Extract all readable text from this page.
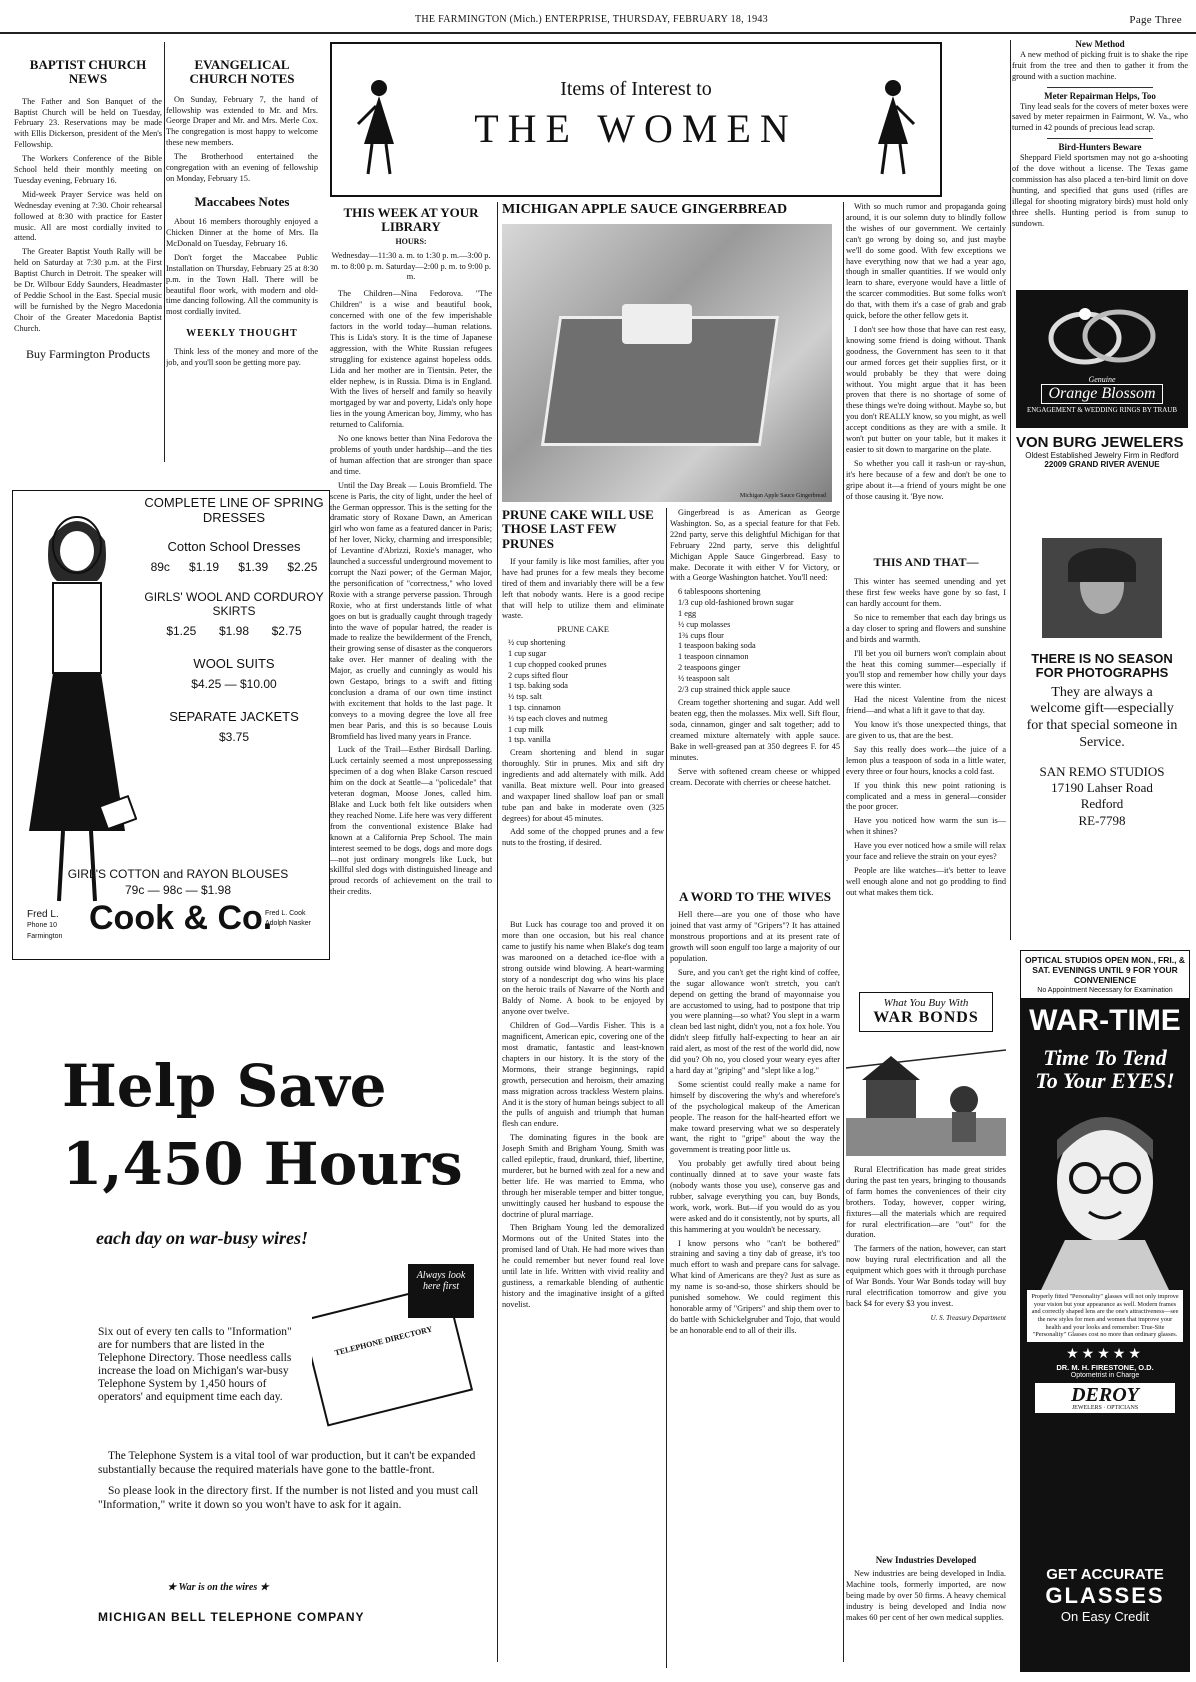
THE FARMINGTON (Mich.) ENTERPRISE, THURSDAY, FEBRUARY 18, 1943	Page Three
BAPTIST CHURCH NEWS

The Father and Son Banquet of the Baptist Church will be held on Tuesday, February 23. Reservations may be made with Ellis Dickerson, president of the Men's Fellowship.

The Workers Conference of the Bible School held their monthly meeting on Tuesday evening, February 16.

Mid-week Prayer Service was held on Wednesday evening at 7:30. Choir rehearsal followed at 8:30 with practice for Easter music. All are most cordially invited to attend.

The Greater Baptist Youth Rally will be held on Saturday at 7:30 p.m. at the First Baptist Church in Detroit. The speaker will be Dr. Wilbour Eddy Saunders, Headmaster of Peddie School in the East. Special music will be furnished by the Negro Macedonia Choir of the Greater Macedonia Baptist Church.

Buy Farmington Products
EVANGELICAL CHURCH NOTES

On Sunday, February 7, the hand of fellowship was extended to Mr. and Mrs. George Draper and Mr. and Mrs. Merle Cox. The congregation is most happy to welcome these new members.

The Brotherhood entertained the congregation with an evening of fellowship on Monday, February 15.

Maccabees Notes

About 16 members thoroughly enjoyed a Chicken Dinner at the home of Mrs. Ila McDonald on Tuesday, February 16.

Don't forget the Maccabee Public Installation on Thursday, February 25 at 8:30 p.m. in the Town Hall. There will be beautiful floor work, with modern and old-time dancing following. All the community is most cordially invited.

WEEKLY THOUGHT

Think less of the money and more of the job, and you'll soon be getting more pay.

Items of Interest to
THE WOMEN
THIS WEEK AT YOUR LIBRARY
HOURS:
Wednesday—11:30 a. m. to 1:30 p. m.—3:00 p. m. to 8:00 p. m. Saturday—2:00 p. m. to 9:00 p. m.

The Children—Nina Fedorova. "The Children" is a wise and beautiful book, concerned with one of the few imperishable factors in the world today—human relations. This is Lida's story. It is the time of Japanese aggression, with the White Russian refugees struggling for existence against hopeless odds. Lida and her mother are in Tientsin. Peter, the elder nephew, is in Russia. Dima is in England. With the lives of herself and family so heavily mortgaged by war and poverty, Lida's only hope lies in the young American boy, Jimmy, who has returned to California.

No one knows better than Nina Fedorova the problems of youth under hardship—and the ties of human affection that are stronger than space and time.

Until the Day Break — Louis Bromfield. The scene is Paris, the city of light, under the heel of the German oppressor. This is the setting for the dramatic story of Roxane Dawn, an American girl who won fame as a featured dancer in Paris; of her lover, Nicky, charming and irresponsible; of Levantine d'Abrizzi, Roxie's manager, who launched a successful underground movement to corrupt the Nazi power; of the German Major, the personification of "correctness," who loved Roxie with a strange perverse passion. Through Roxie, who at first understands little of what goes on but is gradually caught through tragedy into the wave of popular hatred, the reader is made to realize the bewilderment of the French, their growing sense of disaster as the conquerors take over. Her manner of dealing with the Major, as cruelly and cunningly as would his own Gestapo, brings to a swift and fitting conclusion a drama of our own time instinct with excitement that holds to the last page. It conveys to a moving degree the love all free men bear Paris, and this is so because Louis Bromfield has lived many years in France.

Luck of the Trail—Esther Birdsall Darling. Luck certainly seemed a most unprepossessing specimen of a dog when Blake Carson rescued him on the dock at Seattle—a "policedale" that veteran dogman, Moose Jones, called him. Blake and Luck both felt like outsiders when they reached Nome. Life here was very different from the conventional existence Blake had known at a California Prep School. The main interest seemed to be dogs, dogs and more dogs—not just ordinary mongrels like Luck, but skillful sled dogs with distinguished lineage and proud records of achievement on the trail to their credits.

But Luck has courage too and proved it on more than one occasion, but his real chance came to justify his name when Blake's dog team was marooned on a detached ice-floe with a strong outside wind blowing. A heart-warming story of a nondescript dog who wins his place on the heroic trails of Navarre of the North and Baldy of Nome. A book to be enjoyed by anyone over twelve.

Children of God—Vardis Fisher. This is a magnificent, American epic, covering one of the most dramatic, fantastic and least-known chapters in our history. It is the story of the Mormons, their strange beginnings, rapid growth, persecution and heroism, their amazing mass migration across trackless Western plains. And it is the story of human beings subject to all the pulls of anguish and triumph that human flesh can endure.

The dominating figures in the book are Joseph Smith and Brigham Young. Smith was called epileptic, fraud, drunkard, thief, libertine, murderer, but he burned with zeal for a new and better life. He was married to Emma, who through her miserable temper and bitter tongue, unwittingly caused her husband to espouse the doctrine of plural marriage.

Then Brigham Young led the demoralized Mormons out of the United States into the promised land of Utah. He had more wives than he could remember but never found real love until late in life. Written with vivid reality and gustiness, a remarkable blending of authentic history and the imaginative insight of a gifted novelist.

MICHIGAN APPLE SAUCE GINGERBREAD
Michigan Apple Sauce Gingerbread

Gingerbread is as American as George Washington. So, as a special feature for that Feb. 22nd party, serve this delightful Michigan for that February 22nd party, serve this delightful Michigan Apple Sauce Gingerbread. Easy to make. Decorate it with either V for Victory, or with a George Washington hatchet. You'll need:

6 tablespoons shortening
1/3 cup old-fashioned brown sugar
1 egg
½ cup molasses
1¾ cups flour
1 teaspoon baking soda
1 teaspoon cinnamon
2 teaspoons ginger
½ teaspoon salt
2/3 cup strained thick apple sauce

Cream together shortening and sugar. Add well beaten egg, then the molasses. Mix well. Sift flour, soda, cinnamon, ginger and salt together; add to creamed mixture alternately with apple sauce. Bake in well-greased pan at 350 degrees F. for 45 minutes.

Serve with softened cream cheese or whipped cream. Decorate with cherries or cheese hatchet.

PRUNE CAKE WILL USE THOSE LAST FEW PRUNES

If your family is like most families, after you have had prunes for a few meals they become tired of them and invariably there will be a few left that nobody wants. Here is a good recipe that will help to utilize them and eliminate waste.

PRUNE CAKE
½ cup shortening
1 cup sugar
1 cup chopped cooked prunes
2 cups sifted flour
1 tsp. baking soda
½ tsp. salt
1 tsp. cinnamon
½ tsp each cloves and nutmeg
1 cup milk
1 tsp. vanilla

Cream shortening and blend in sugar thoroughly. Stir in prunes. Mix and sift dry ingredients and add alternately with milk. Add vanilla. Beat mixture well. Pour into greased and waxpaper lined shallow loaf pan or small tube pan and bake in moderate oven (325 degrees) for about 45 minutes.

Add some of the chopped prunes and a few nuts to the frosting, if desired.

A WORD TO THE WIVES

Hell there—are you one of those who have joined that vast army of "Gripers"? It has attained monstrous proportions and at its present rate of growth will soon engulf too large a majority of our population.

Sure, and you can't get the right kind of coffee, the sugar allowance won't stretch, you can't depend on getting the brand of mayonnaise you are accustomed to using, had to postpone that trip you were planning—so what? You slept in a warm clean bed last night, didn't you, not a fox hole. You didn't sleep fitfully half-expecting to hear an air raid alert, as most of the rest of the world did, now did you? Oh no, you closed your weary eyes after a hard day at "griping" and "slept like a log."

Some scientist could really make a name for himself by discovering the why's and wherefore's of the psychological makeup of the American people. The reason for the half-hearted effort we make toward preserving what we so desperately want, the right to "gripe" about the way the government is treating poor little us.

You probably get awfully tired about being continually dinned at to save your waste fats (nobody wants those you use), conserve gas and rubber, salvage everything you can, buy Bonds, work, work, work. But—if you would do as you were asked and do it consistently, not by spurts, all this hammering at you wouldn't be necessary.

I know persons who "can't be bothered" straining and saving a tiny dab of grease, it's too much effort to wash and prepare cans for salvage. What kind of Americans are they? Just as sure as my name is so-and-so, those shirkers should be punished somehow. We could regiment this honorable army of "Gripers" and ship them over to do battle with Schickelgruber and Tojo, that would be an honorable end to all of their ills.

With so much rumor and propaganda going around, it is our solemn duty to blindly follow the wishes of our government. We certainly can't go wrong by doing so, and just maybe we'll do some good. With few exceptions we have everything now that we had a year ago, though in smaller quantities. If we would only learn to share, everyone would have a little of the scarcer commodities. But some folks won't do that, with them it's a case of grab and grab quick, before the other fellow gets it.

I don't see how those that have can rest easy, knowing some friend is doing without. Thank goodness, the Government has seen to it that our armed forces get their supplies first, or it would probably be they that were doing without. You might argue that it has been proven that there is no shortage of some of these things we're doing without. Maybe so, but you don't REALLY know, so you might, as well accept conditions as they are with a smile. It won't put butter on your table, but it makes it easier to sit down to margarine on the plate.

So whether you call it rash-un or ray-shun, it's here because of a few and don't be one to gripe about it—a friend of yours might be one of those causing it. 'Bye now.

THIS AND THAT—

This winter has seemed unending and yet these first few weeks have gone by so fast, I can hardly account for them.

So nice to remember that each day brings us a day closer to spring and flowers and sunshine and birds and warmth.

I'll bet you oil burners won't complain about the heat this coming summer—especially if you'll stop and remember how chilly your days were this winter.

Had the nicest Valentine from the nicest friend—and what a lift it gave to that day.

You know it's those unexpected things, that are given to us, that are the best.

Say this really does work—the juice of a lemon plus a teaspoon of soda in a little water, every three or four hours, knocks a cold fast.

If you think this new point rationing is complicated and a mess in general—consider the poor grocer.

Have you noticed how warm the sun is—when it shines?

Have you ever noticed how a smile will relax your face and relieve the strain on your eyes?

People are like watches—it's better to leave well enough alone and not go prodding to find out what makes them tick.

What You Buy With
WAR BONDS

Rural Electrification has made great strides during the past ten years, bringing to thousands of farm homes the conveniences of their city brothers. Today, however, copper wiring, fixtures—all the materials which are required for rural electrification—are "out" for the duration.

The farmers of the nation, however, can start now buying rural electrification and all the equipment which goes with it through purchase of War Bonds. Your War Bonds today will buy rural electrification tomorrow and give you back $4 for every $3 you invest.

U. S. Treasury Department
New Industries Developed

New industries are being developed in India. Machine tools, formerly imported, are now being made by over 50 firms. A heavy chemical industry is being developed and India now makes 60 per cent of her own medical supplies.

New Method

A new method of picking fruit is to shake the ripe fruit from the tree and then to gather it from the ground with a suction machine.

Meter Repairman Helps, Too

Tiny lead seals for the covers of meter boxes were saved by meter repairmen in Fairmont, W. Va., who turned in 42 pounds of precious lead scrap.

Bird-Hunters Beware

Sheppard Field sportsmen may not go a-shooting of the dove without a license. The Texas game commission has also placed a ten-bird limit on dove hunting, and specified that guns used (rifles are illegal for shooting migratory birds) must hold only three shells. Hunting period is from sunup to sundown.

Genuine
Orange Blossom
ENGAGEMENT & WEDDING RINGS BY TRAUB
VON BURG JEWELERS
Oldest Established Jewelry Firm in Redford
22009 GRAND RIVER AVENUE
THERE IS NO SEASON FOR PHOTOGRAPHS
They are always a welcome gift—especially for that special someone in Service.
SAN REMO STUDIOS
17190 Lahser Road
Redford
RE-7798
OPTICAL STUDIOS OPEN MON., FRI., & SAT. EVENINGS UNTIL 9 FOR YOUR CONVENIENCE
No Appointment Necessary for Examination
WAR-TIME
Time To Tend To Your EYES!
Properly fitted "Personality" glasses will not only improve your vision but your appearance as well. Modern frames and correctly shaped lens are the one's attractiveness—see the new styles for men and women that improve your health and your looks and remember: True-Site "Personality" Glasses cost no more than ordinary glasses.
★★★★★
DR. M. H. FIRESTONE, O.D.
Optometrist in Charge
DEROY
JEWELERS · OPTICIANS
GET ACCURATE
GLASSES
On Easy Credit
COMPLETE LINE OF SPRING DRESSES
Cotton School Dresses
89c $1.19 $1.39 $2.25
GIRLS' WOOL AND CORDUROY SKIRTS
$1.25 $1.98 $2.75
WOOL SUITS
$4.25 — $10.00
SEPARATE JACKETS
$3.75
GIRL'S COTTON and RAYON BLOUSES
79c — 98c — $1.98
Fred L.
Phone 10 Farmington Cook & Co.
Fred L. Cook Adolph Nasker
Help Save
1,450 Hours
each day on war-busy wires!
TELEPHONE DIRECTORY
Always look here first
Six out of every ten calls to "Information" are for numbers that are listed in the Telephone Directory. Those needless calls increase the load on Michigan's war-busy Telephone System by 1,450 hours of operators' and equipment time each day.

The Telephone System is a vital tool of war production, but it can't be expanded substantially because the required materials have gone to the battle-front.

So please look in the directory first. If the number is not listed and you must call "Information," write it down so you won't have to ask for it again.

★ War is on the wires ★
MICHIGAN BELL TELEPHONE COMPANY
